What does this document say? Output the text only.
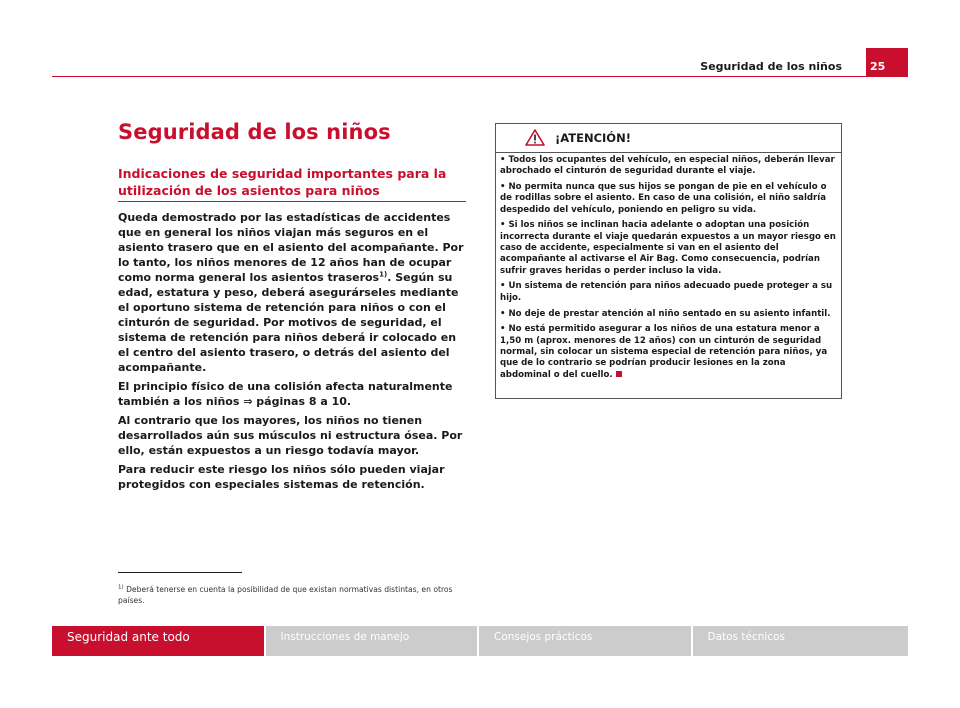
Seguridad de los niños	25
Seguridad de los niños
Indicaciones de seguridad importantes para la utilización de los asientos para niños

Queda demostrado por las estadísticas de accidentes que en general los niños viajan más seguros en el asiento trasero que en el asiento del acompañante. Por lo tanto, los niños menores de 12 años han de ocupar como norma general los asientos traseros$^{1)}$. Según su edad, estatura y peso, deberá asegurárseles mediante el oportuno sistema de retención para niños o con el cinturón de seguridad. Por motivos de seguridad, el sistema de retención para niños deberá ir colocado en el centro del asiento trasero, o detrás del asiento del acompañante.

El principio físico de una colisión afecta naturalmente también a los niños ⇒ páginas 8 a 10.

Al contrario que los mayores, los niños no tienen desarrollados aún sus músculos ni estructura ósea. Por ello, están expuestos a un riesgo todavía mayor.

Para reducir este riesgo los niños sólo pueden viajar protegidos con especiales sistemas de retención.

¡ATENCIÓN!

• Todos los ocupantes del vehículo, en especial niños, deberán llevar abrochado el cinturón de seguridad durante el viaje.

• No permita nunca que sus hijos se pongan de pie en el vehículo o de rodillas sobre el asiento. En caso de una colisión, el niño saldría despedido del vehículo, poniendo en peligro su vida.

• Si los niños se inclinan hacia adelante o adoptan una posición incorrecta durante el viaje quedarán expuestos a un mayor riesgo en caso de accidente, especialmente si van en el asiento del acompañante al activarse el Air Bag. Como consecuencia, podrían sufrir graves heridas o perder incluso la vida.

• Un sistema de retención para niños adecuado puede proteger a su hijo.

• No deje de prestar atención al niño sentado en su asiento infantil.

• No está permitido asegurar a los niños de una estatura menor a 1,50 m (aprox. menores de 12 años) con un cinturón de seguridad normal, sin colocar un sistema especial de retención para niños, ya que de lo contrario se podrían producir lesiones en la zona abdominal o del cuello.

$^{1)}$ Deberá tenerse en cuenta la posibilidad de que existan normativas distintas, en otros países.
Seguridad ante todo	Instrucciones de manejo	Consejos prácticos	Datos técnicos
